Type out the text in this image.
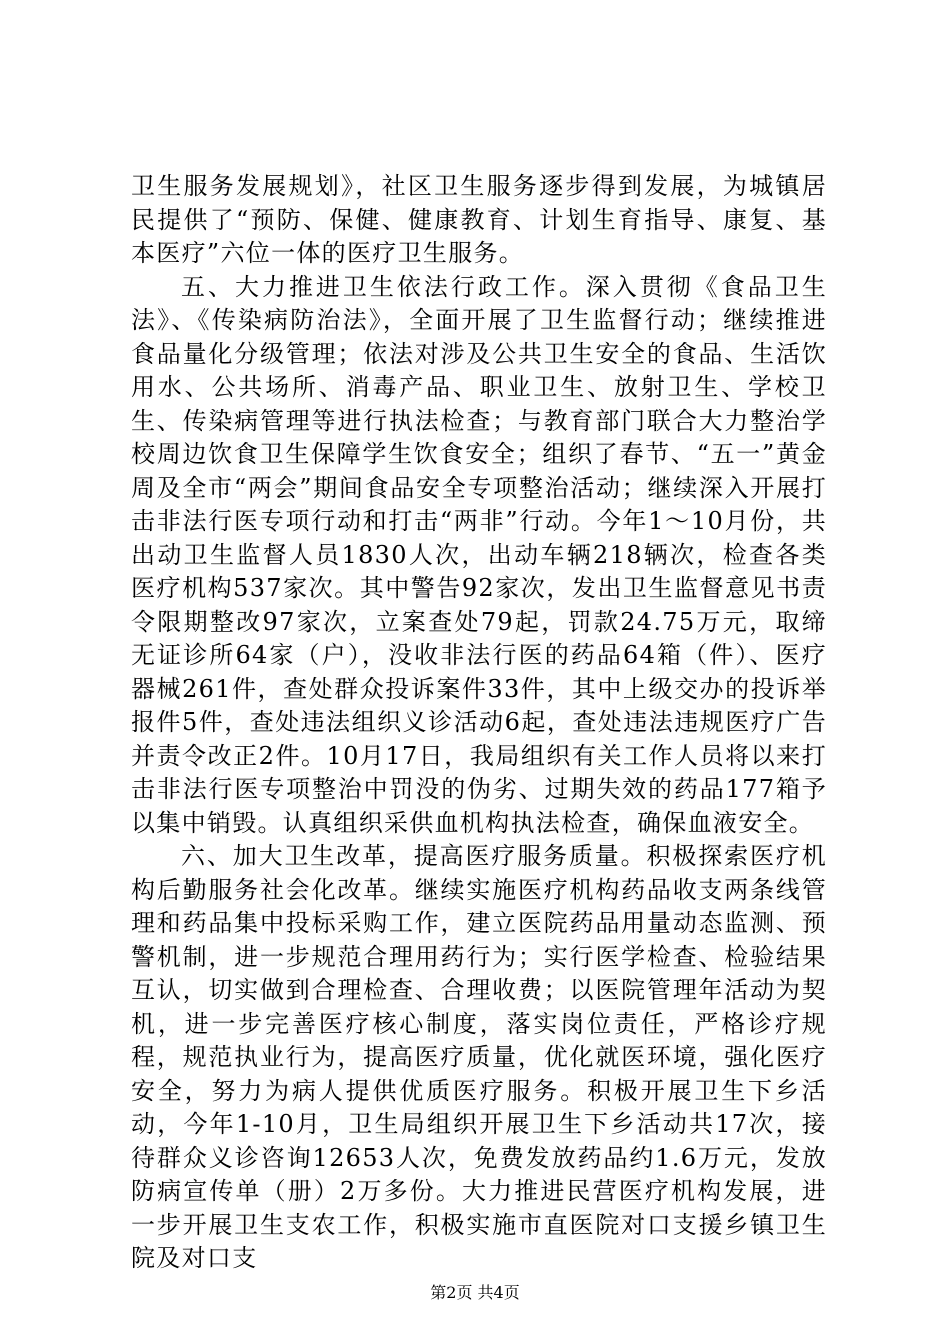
卫生服务发展规划》，社区卫生服务逐步得到发展，为城镇居民提供了“预防、保健、健康教育、计划生育指导、康复、基本医疗”六位一体的医疗卫生服务。

五、大力推进卫生依法行政工作。深入贯彻《食品卫生法》、《传染病防治法》，全面开展了卫生监督行动；继续推进食品量化分级管理；依法对涉及公共卫生安全的食品、生活饮用水、公共场所、消毒产品、职业卫生、放射卫生、学校卫生、传染病管理等进行执法检查；与教育部门联合大力整治学校周边饮食卫生保障学生饮食安全；组织了春节、“五一”黄金周及全市“两会”期间食品安全专项整治活动；继续深入开展打击非法行医专项行动和打击“两非”行动。今年1～10月份，共出动卫生监督人员1830人次，出动车辆218辆次，检查各类医疗机构537家次。其中警告92家次，发出卫生监督意见书责令限期整改97家次，立案查处79起，罚款24.75万元，取缔无证诊所64家（户），没收非法行医的药品64箱（件）、医疗器械261件，查处群众投诉案件33件，其中上级交办的投诉举报件5件，查处违法组织义诊活动6起，查处违法违规医疗广告并责令改正2件。10月17日，我局组织有关工作人员将以来打击非法行医专项整治中罚没的伪劣、过期失效的药品177箱予以集中销毁。认真组织采供血机构执法检查，确保血液安全。

六、加大卫生改革，提高医疗服务质量。积极探索医疗机构后勤服务社会化改革。继续实施医疗机构药品收支两条线管理和药品集中投标采购工作，建立医院药品用量动态监测、预警机制，进一步规范合理用药行为；实行医学检查、检验结果互认，切实做到合理检查、合理收费；以医院管理年活动为契机，进一步完善医疗核心制度，落实岗位责任，严格诊疗规程，规范执业行为，提高医疗质量，优化就医环境，强化医疗安全，努力为病人提供优质医疗服务。积极开展卫生下乡活动，今年1-10月，卫生局组织开展卫生下乡活动共17次，接待群众义诊咨询12653人次，免费发放药品约1.6万元，发放防病宣传单（册）2万多份。大力推进民营医疗机构发展，进一步开展卫生支农工作，积极实施市直医院对口支援乡镇卫生院及对口支

第2页 共4页
